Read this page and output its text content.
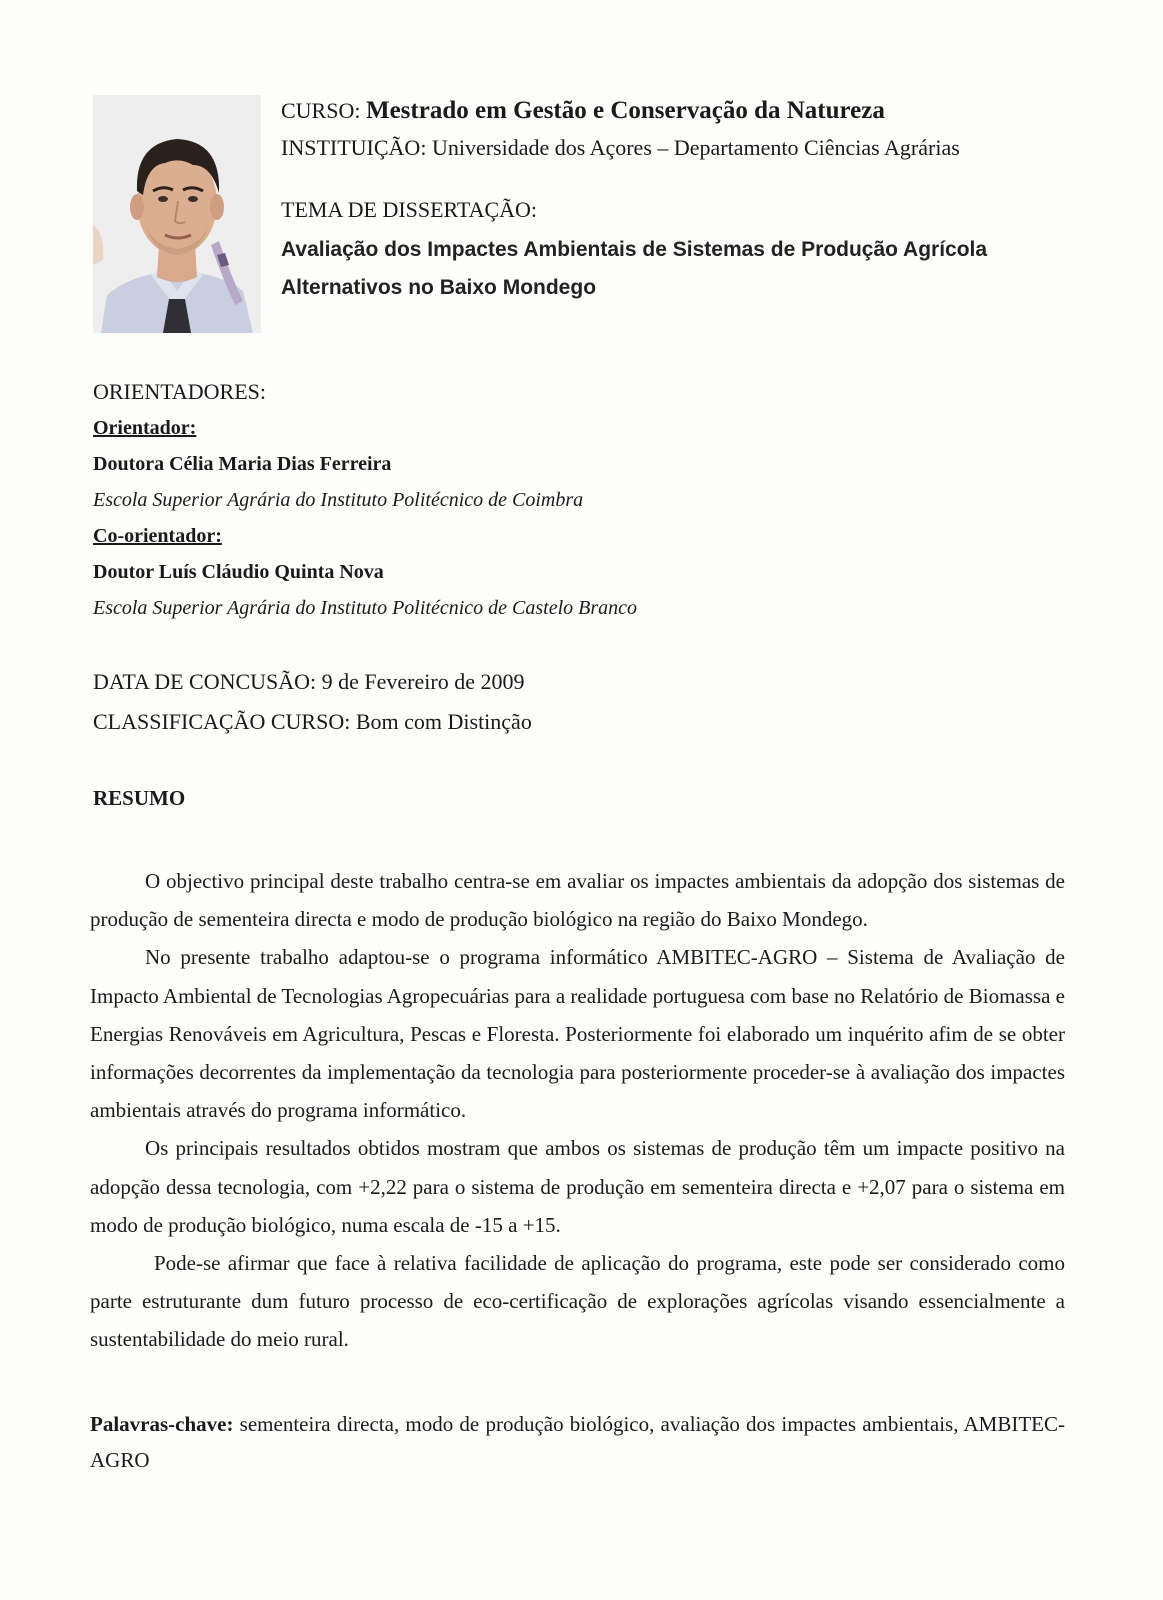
CURSO: Mestrado em Gestão e Conservação da Natureza
INSTITUIÇÃO: Universidade dos Açores – Departamento Ciências Agrárias
TEMA DE DISSERTAÇÃO:
Avaliação dos Impactes Ambientais de Sistemas de Produção Agrícola
Alternativos no Baixo Mondego
ORIENTADORES:
Orientador:
Doutora Célia Maria Dias Ferreira
Escola Superior Agrária do Instituto Politécnico de Coimbra
Co-orientador:
Doutor Luís Cláudio Quinta Nova
Escola Superior Agrária do Instituto Politécnico de Castelo Branco
DATA DE CONCUSÃO: 9 de Fevereiro de 2009
CLASSIFICAÇÃO CURSO: Bom com Distinção
RESUMO

O objectivo principal deste trabalho centra-se em avaliar os impactes ambientais da adopção dos sistemas de produção de sementeira directa e modo de produção biológico na região do Baixo Mondego.

No presente trabalho adaptou-se o programa informático AMBITEC-AGRO – Sistema de Avaliação de Impacto Ambiental de Tecnologias Agropecuárias para a realidade portuguesa com base no Relatório de Biomassa e Energias Renováveis em Agricultura, Pescas e Floresta. Posteriormente foi elaborado um inquérito afim de se obter informações decorrentes da implementação da tecnologia para posteriormente proceder-se à avaliação dos impactes ambientais através do programa informático.

Os principais resultados obtidos mostram que ambos os sistemas de produção têm um impacte positivo na adopção dessa tecnologia, com +2,22 para o sistema de produção em sementeira directa e +2,07 para o sistema em modo de produção biológico, numa escala de -15 a +15.

Pode-se afirmar que face à relativa facilidade de aplicação do programa, este pode ser considerado como parte estruturante dum futuro processo de eco-certificação de explorações agrícolas visando essencialmente a sustentabilidade do meio rural.

Palavras-chave: sementeira directa, modo de produção biológico, avaliação dos impactes ambientais, AMBITEC-AGRO
